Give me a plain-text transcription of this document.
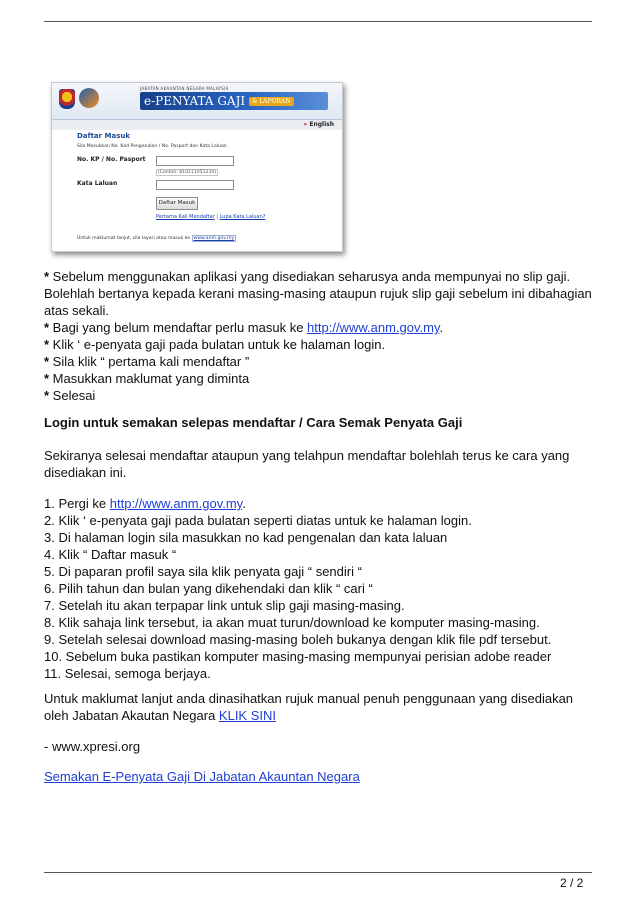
JABATAN AKAUNTAN NEGARA MALAYSIA
e-PENYATA GAJI & LAPORAN
» English
Daftar Masuk
Sila Masukkan No. Kad Pengenalan / No. Pasport dan Kata Laluan
No. KP / No. Pasport
(Contoh: 810211051234)
Kata Laluan
Daftar Masuk
Pertama Kali Mendaftar | Lupa Kata Laluan?
Untuk maklumat lanjut, sila layari atau masuk ke www.anm.gov.my
* Sebelum menggunakan aplikasi yang disediakan seharusya anda mempunyai no slip gaji.
Bolehlah bertanya kepada kerani masing-masing ataupun rujuk slip gaji sebelum ini dibahagian
atas sekali.
* Bagi yang belum mendaftar perlu masuk ke http://www.anm.gov.my.
* Klik ‘ e-penyata gaji pada bulatan untuk ke halaman login.
* Sila klik “ pertama kali mendaftar ”
* Masukkan maklumat yang diminta
* Selesai
Login untuk semakan selepas mendaftar / Cara Semak Penyata Gaji
Sekiranya selesai mendaftar ataupun yang telahpun mendaftar bolehlah terus ke cara yang
disediakan ini.
1. Pergi ke http://www.anm.gov.my.
2. Klik ‘ e-penyata gaji pada bulatan seperti diatas untuk ke halaman login.
3. Di halaman login sila masukkan no kad pengenalan dan kata laluan
4. Klik “ Daftar masuk “
5. Di paparan profil saya sila klik penyata gaji “ sendiri “
6. Pilih tahun dan bulan yang dikehendaki dan klik “ cari “
7. Setelah itu akan terpapar link untuk slip gaji masing-masing.
8. Klik sahaja link tersebut, ia akan muat turun/download ke komputer masing-masing.
9. Setelah selesai download masing-masing boleh bukanya dengan klik file pdf tersebut.
10. Sebelum buka pastikan komputer masing-masing mempunyai perisian adobe reader
11. Selesai, semoga berjaya.
Untuk maklumat lanjut anda dinasihatkan rujuk manual penuh penggunaan yang disediakan
oleh Jabatan Akautan Negara KLIK SINI
- www.xpresi.org
Semakan E-Penyata Gaji Di Jabatan Akauntan Negara
2 / 2
